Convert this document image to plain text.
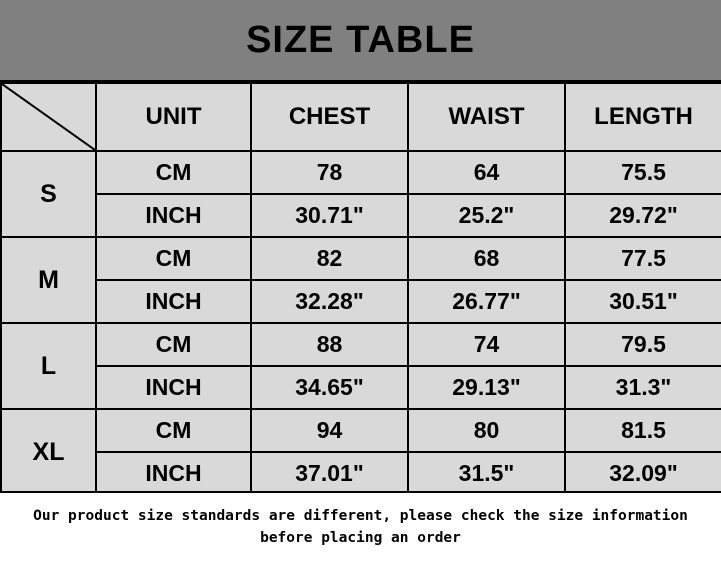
SIZE TABLE
	UNIT	CHEST	WAIST	LENGTH
S	CM	78	64	75.5
	INCH	30.71"	25.2"	29.72"
M	CM	82	68	77.5
	INCH	32.28"	26.77"	30.51"
L	CM	88	74	79.5
	INCH	34.65"	29.13"	31.3"
XL	CM	94	80	81.5
	INCH	37.01"	31.5"	32.09"
Our product size standards are different, please check the size information
before placing an order
